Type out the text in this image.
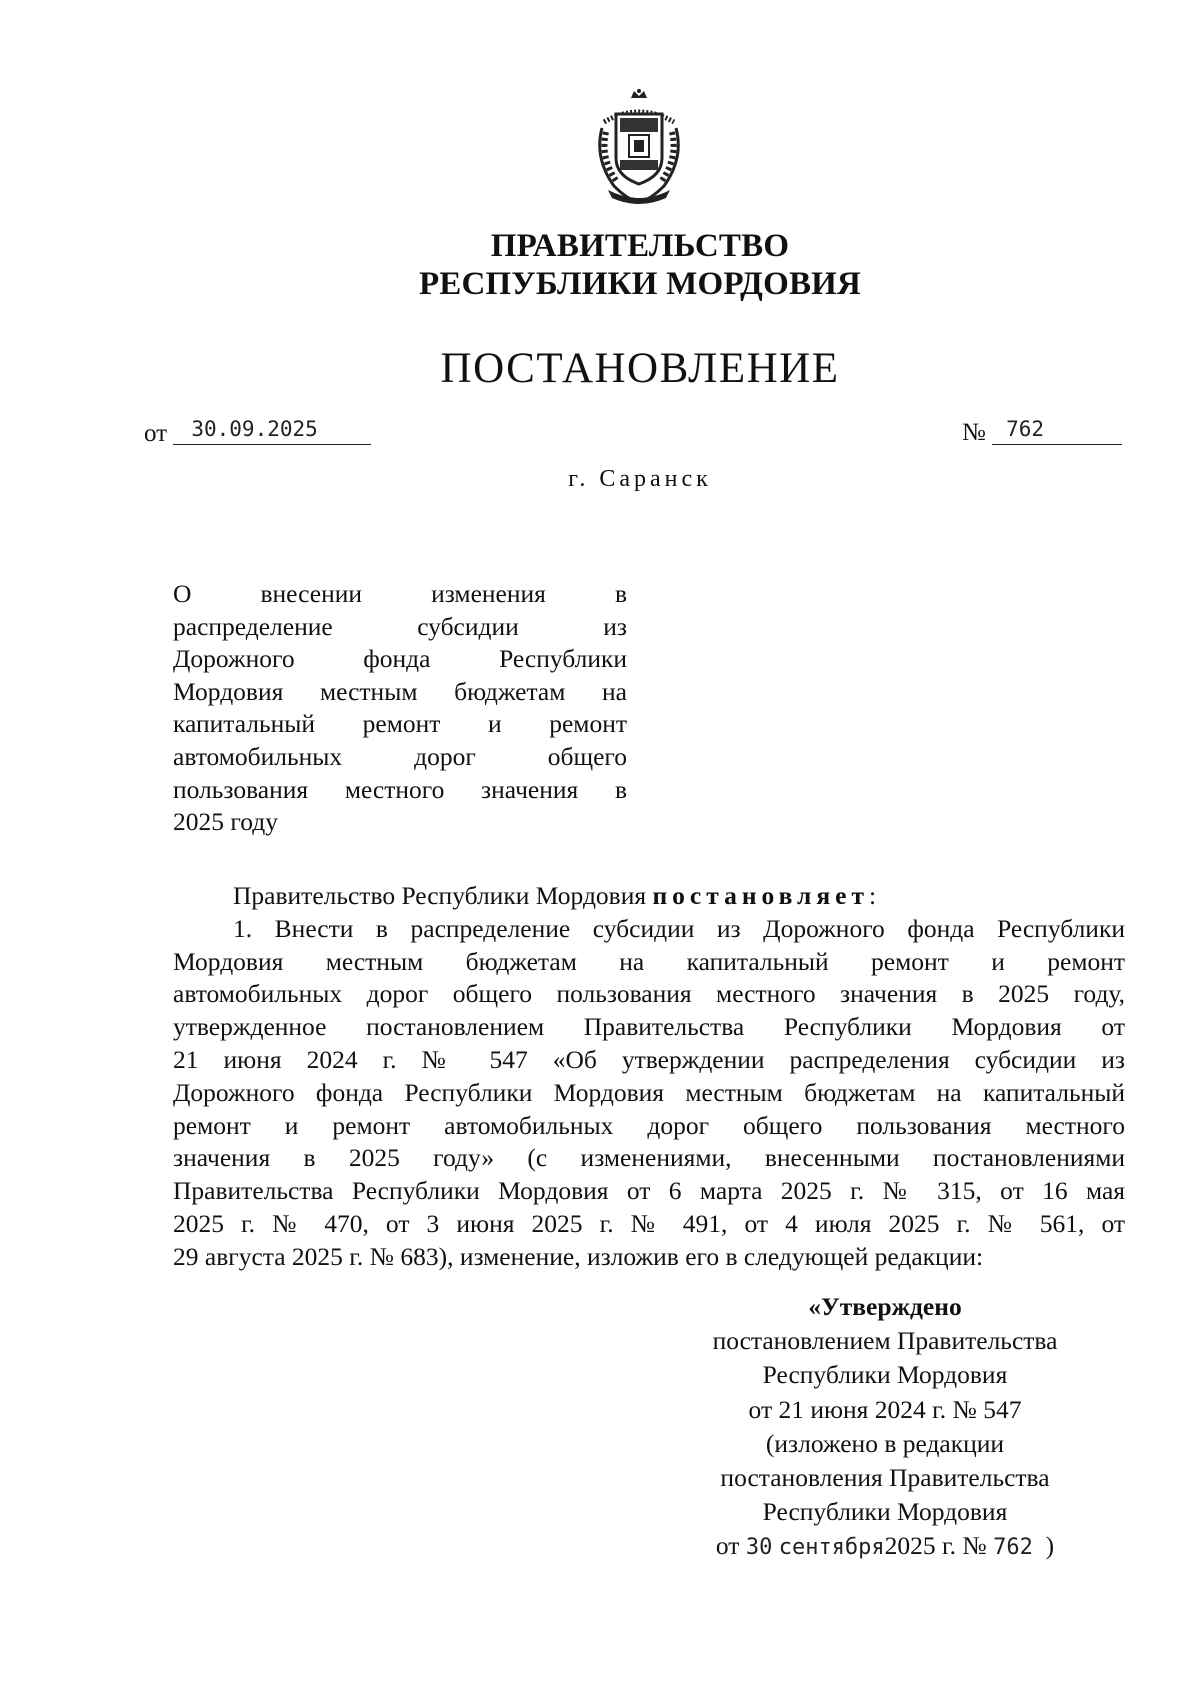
ПРАВИТЕЛЬСТВО
РЕСПУБЛИКИ МОРДОВИЯ
ПОСТАНОВЛЕНИЕ
от 30.09.2025	№ 762
г. Саранск
О внесении изменения в
распределение субсидии из
Дорожного фонда Республики
Мордовия местным бюджетам на
капитальный ремонт и ремонт
автомобильных дорог общего
пользования местного значения в
2025 году
Правительство Республики Мордовия постановляет:
1. Внести в распределение субсидии из Дорожного фонда Республики
Мордовия местным бюджетам на капитальный ремонт и ремонт
автомобильных дорог общего пользования местного значения в 2025 году,
утвержденное постановлением Правительства Республики Мордовия от
21 июня 2024 г. № 547 «Об утверждении распределения субсидии из
Дорожного фонда Республики Мордовия местным бюджетам на капитальный
ремонт и ремонт автомобильных дорог общего пользования местного
значения в 2025 году» (с изменениями, внесенными постановлениями
Правительства Республики Мордовия от 6 марта 2025 г. № 315, от 16 мая
2025 г. № 470, от 3 июня 2025 г. № 491, от 4 июля 2025 г. № 561, от
29 августа 2025 г. № 683), изменение, изложив его в следующей редакции:
«Утверждено
постановлением Правительства
Республики Мордовия
от 21 июня 2024 г. № 547
(изложено в редакции
постановления Правительства
Республики Мордовия
от 30 сентября2025 г. № 762 )
